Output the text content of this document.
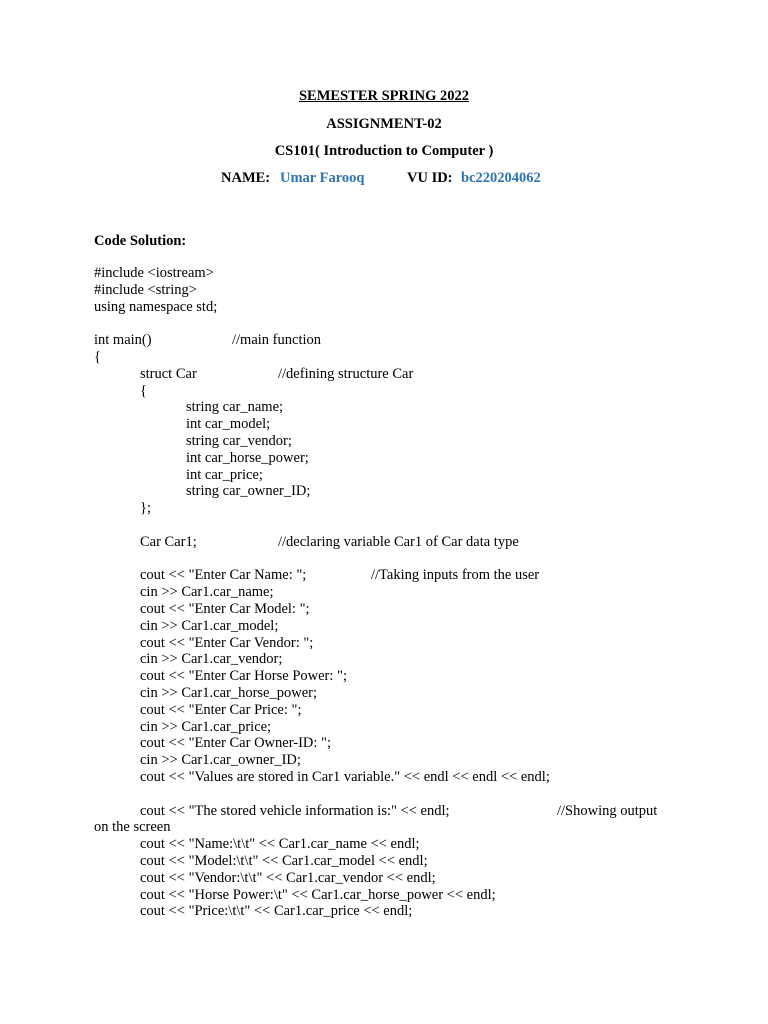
SEMESTER SPRING 2022
ASSIGNMENT-02
CS101( Introduction to Computer )
NAME: Umar Farooq	VU ID: bc220204062
Code Solution:
#include <iostream>
#include <string>
using namespace std;
int main()	//main function
{
struct Car	//defining structure Car
{
string car_name;
int car_model;
string car_vendor;
int car_horse_power;
int car_price;
string car_owner_ID;
};
Car Car1;	//declaring variable Car1 of Car data type
cout << "Enter Car Name: ";	//Taking inputs from the user
cin >> Car1.car_name;
cout << "Enter Car Model: ";
cin >> Car1.car_model;
cout << "Enter Car Vendor: ";
cin >> Car1.car_vendor;
cout << "Enter Car Horse Power: ";
cin >> Car1.car_horse_power;
cout << "Enter Car Price: ";
cin >> Car1.car_price;
cout << "Enter Car Owner-ID: ";
cin >> Car1.car_owner_ID;
cout << "Values are stored in Car1 variable." << endl << endl << endl;
cout << "The stored vehicle information is:" << endl;	//Showing output
on the screen
cout << "Name:\t\t" << Car1.car_name << endl;
cout << "Model:\t\t" << Car1.car_model << endl;
cout << "Vendor:\t\t" << Car1.car_vendor << endl;
cout << "Horse Power:\t" << Car1.car_horse_power << endl;
cout << "Price:\t\t" << Car1.car_price << endl;
